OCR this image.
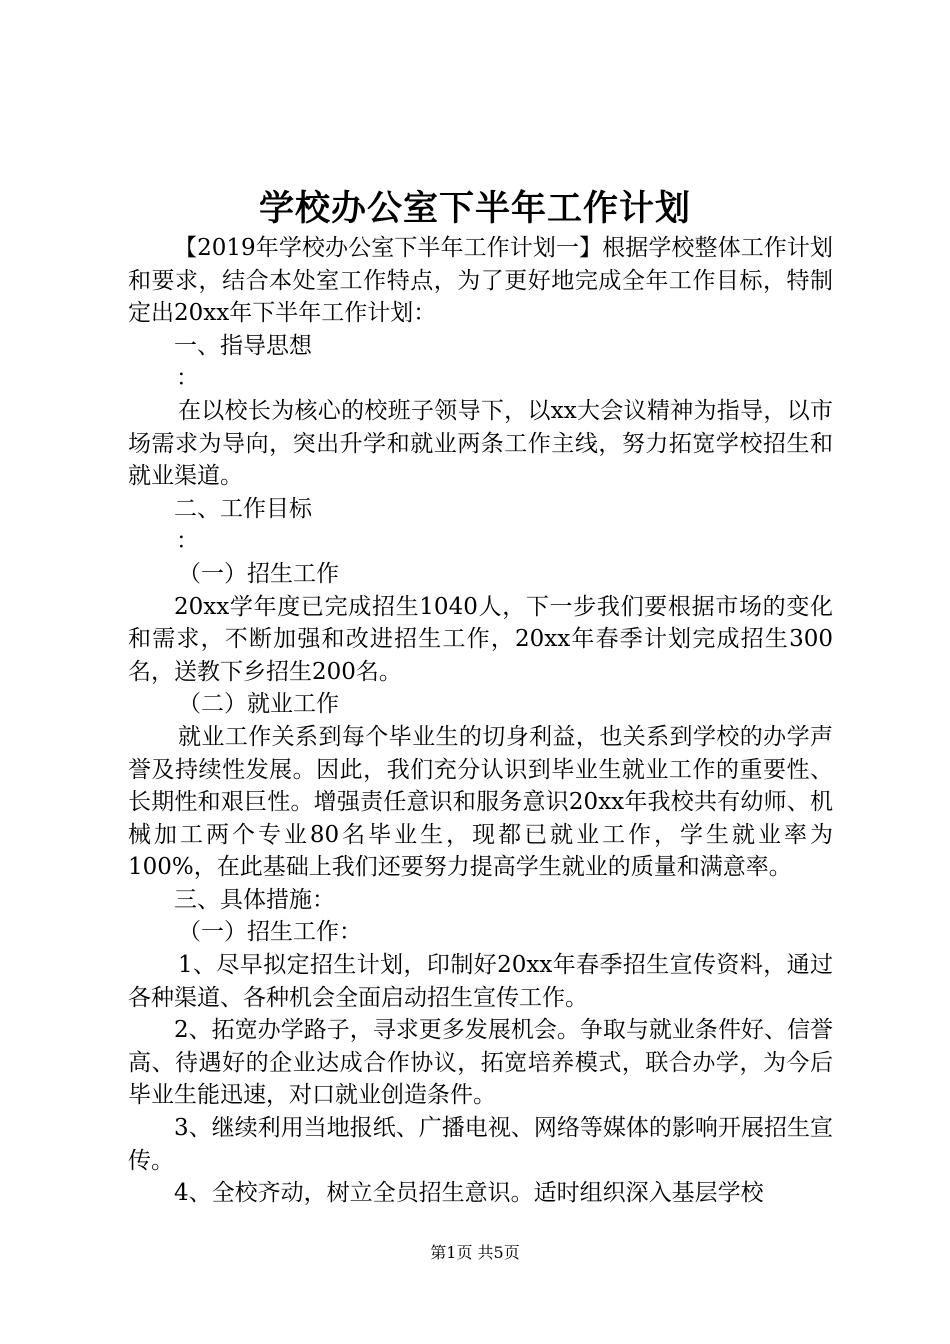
学校办公室下半年工作计划

【2019年学校办公室下半年工作计划一】根据学校整体工作计划和要求，结合本处室工作特点，为了更好地完成全年工作目标，特制定出20xx年下半年工作计划：

一、指导思想

：

在以校长为核心的校班子领导下，以xx大会议精神为指导，以市场需求为导向，突出升学和就业两条工作主线，努力拓宽学校招生和就业渠道。

二、工作目标

：

（一）招生工作

20xx学年度已完成招生1040人，下一步我们要根据市场的变化和需求，不断加强和改进招生工作，20xx年春季计划完成招生300名，送教下乡招生200名。

（二）就业工作

就业工作关系到每个毕业生的切身利益，也关系到学校的办学声誉及持续性发展。因此，我们充分认识到毕业生就业工作的重要性、长期性和艰巨性。增强责任意识和服务意识20xx年我校共有幼师、机械加工两个专业80名毕业生，现都已就业工作，学生就业率为100%，在此基础上我们还要努力提高学生就业的质量和满意率。

三、具体措施：

（一）招生工作：

1、尽早拟定招生计划，印制好20xx年春季招生宣传资料，通过各种渠道、各种机会全面启动招生宣传工作。

2、拓宽办学路子，寻求更多发展机会。争取与就业条件好、信誉高、待遇好的企业达成合作协议，拓宽培养模式，联合办学，为今后毕业生能迅速，对口就业创造条件。

3、继续利用当地报纸、广播电视、网络等媒体的影响开展招生宣传。

4、全校齐动，树立全员招生意识。适时组织深入基层学校

第1页 共5页
